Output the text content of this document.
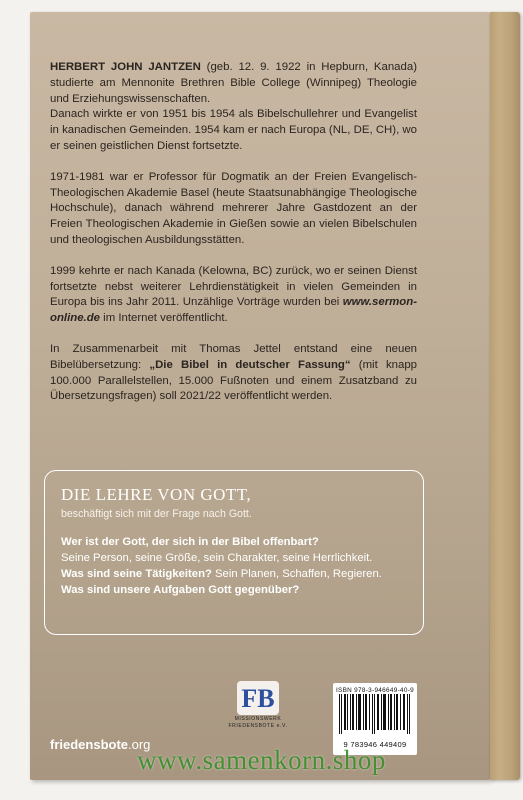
HERBERT JOHN JANTZEN (geb. 12. 9. 1922 in Hepburn, Kanada) studierte am Mennonite Brethren Bible College (Winnipeg) Theologie und Erziehungswissenschaften.
Danach wirkte er von 1951 bis 1954 als Bibelschullehrer und Evangelist in kanadischen Gemeinden. 1954 kam er nach Europa (NL, DE, CH), wo er seinen geistlichen Dienst fortsetzte.

1971-1981 war er Professor für Dogmatik an der Freien Evangelisch-Theologischen Akademie Basel (heute Staatsunabhängige Theologische Hochschule), danach während mehrerer Jahre Gastdozent an der Freien Theologischen Akademie in Gießen sowie an vielen Bibelschulen und theologischen Ausbildungsstätten.

1999 kehrte er nach Kanada (Kelowna, BC) zurück, wo er seinen Dienst fortsetzte nebst weiterer Lehrdienstätigkeit in vielen Gemeinden in Europa bis ins Jahr 2011. Unzählige Vorträge wurden bei www.sermon-online.de im Internet veröffentlicht.

In Zusammenarbeit mit Thomas Jettel entstand eine neuen Bibelübersetzung: „Die Bibel in deutscher Fassung“ (mit knapp 100.000 Parallelstellen, 15.000 Fußnoten und einem Zusatzband zu Übersetzungsfragen) soll 2021/22 veröffentlicht werden.

DIE LEHRE VON GOTT,
beschäftigt sich mit der Frage nach Gott.
Wer ist der Gott, der sich in der Bibel offenbart?
Seine Person, seine Größe, sein Charakter, seine Herrlichkeit.
Was sind seine Tätigkeiten? Sein Planen, Schaffen, Regieren.
Was sind unsere Aufgaben Gott gegenüber?
FB
MISSIONSWERK
FRIEDENSBOTE e.V.
ISBN 978-3-946649-40-9
9 783946 449409
friedensbote.org
www.samenkorn.shop
